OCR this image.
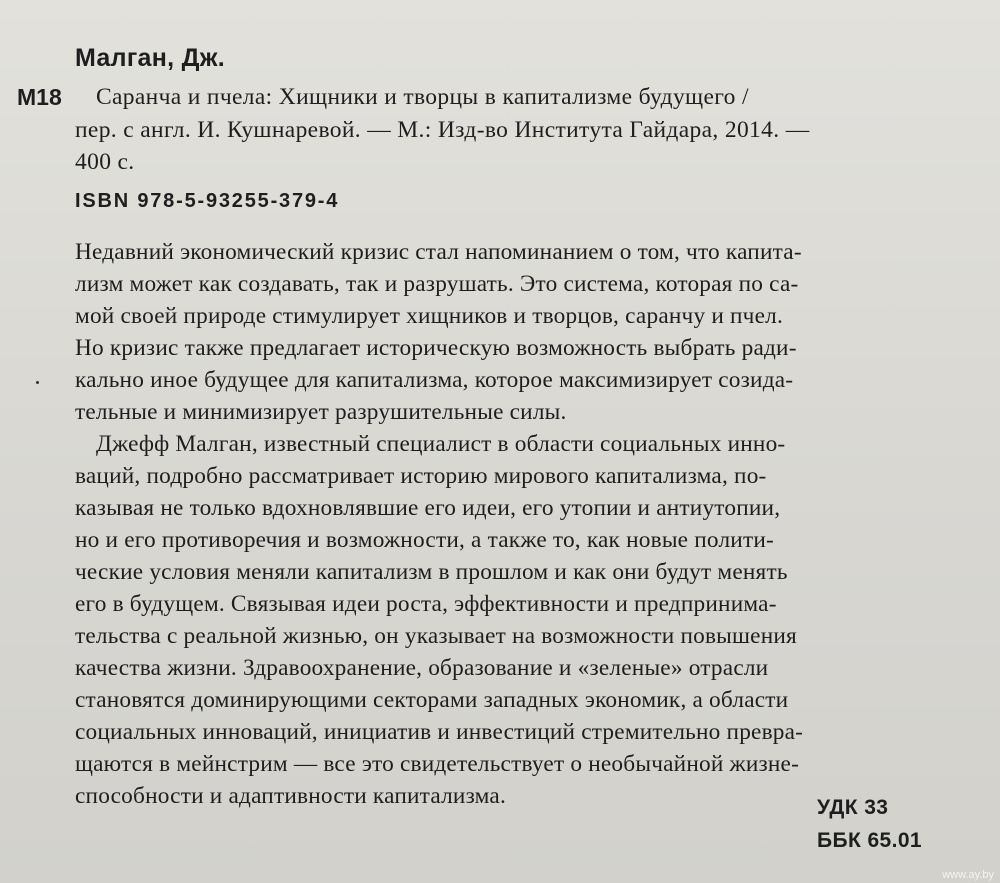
Малган, Дж.
М18 Саранча и пчела: Хищники и творцы в капитализме будущего /
пер. с англ. И. Кушнаревой. — М.: Изд-во Института Гайдара, 2014. —
400 с.
ISBN 978-5-93255-379-4
Недавний экономический кризис стал напоминанием о том, что капита-
лизм может как создавать, так и разрушать. Это система, которая по са-
мой своей природе стимулирует хищников и творцов, саранчу и пчел.
Но кризис также предлагает историческую возможность выбрать ради-
кально иное будущее для капитализма, которое максимизирует созида-
тельные и минимизирует разрушительные силы.
Джефф Малган, известный специалист в области социальных инно-
ваций, подробно рассматривает историю мирового капитализма, по-
казывая не только вдохновлявшие его идеи, его утопии и антиутопии,
но и его противоречия и возможности, а также то, как новые полити-
ческие условия меняли капитализм в прошлом и как они будут менять
его в будущем. Связывая идеи роста, эффективности и предпринима-
тельства с реальной жизнью, он указывает на возможности повышения
качества жизни. Здравоохранение, образование и «зеленые» отрасли
становятся доминирующими секторами западных экономик, а области
социальных инноваций, инициатив и инвестиций стремительно превра-
щаются в мейнстрим — все это свидетельствует о необычайной жизне-
способности и адаптивности капитализма.	УДК 33
ББК 65.01
www.ay.by
